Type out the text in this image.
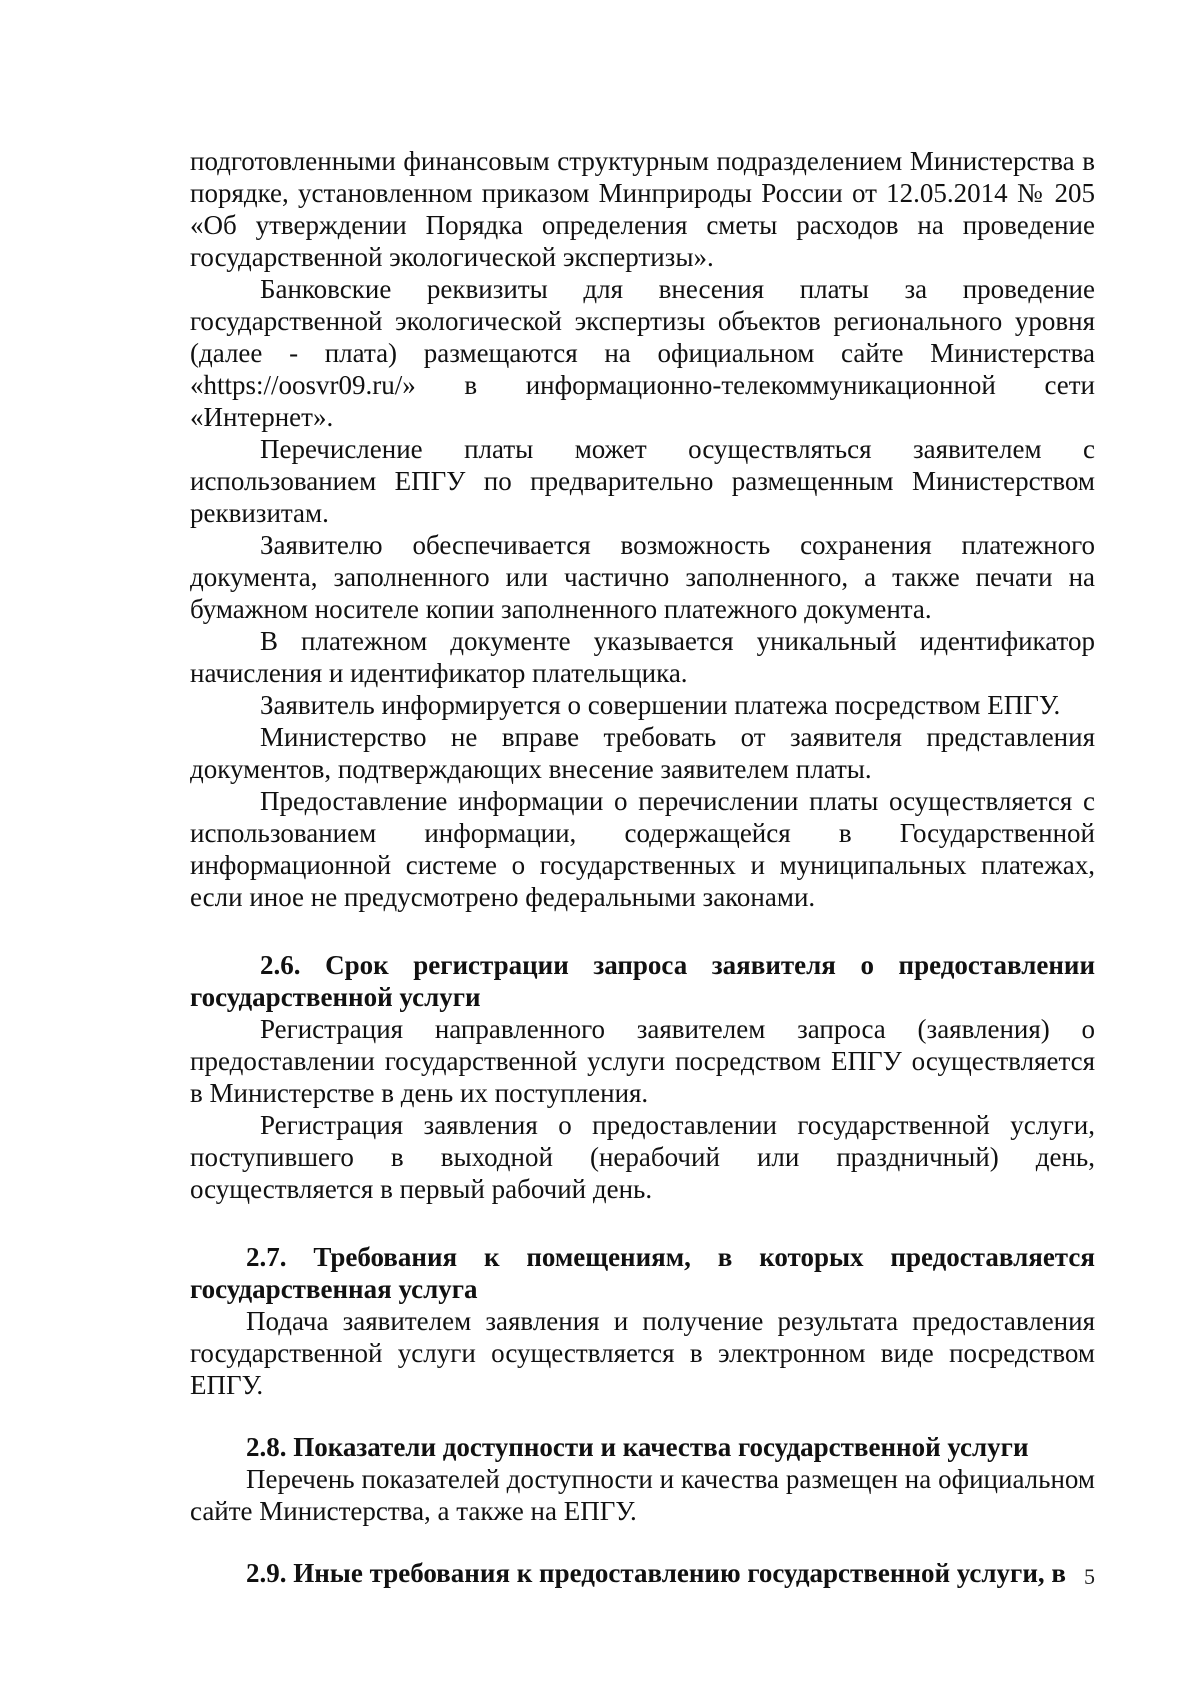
подготовленными финансовым структурным подразделением Министерства в порядке, установленном приказом Минприроды России от 12.05.2014 № 205 «Об утверждении Порядка определения сметы расходов на проведение государственной экологической экспертизы».

Банковские реквизиты для внесения платы за проведение государственной экологической экспертизы объектов регионального уровня (далее - плата) размещаются на официальном сайте Министерства «https://oosvr09.ru/» в информационно-телекоммуникационной сети «Интернет».

Перечисление платы может осуществляться заявителем с использованием ЕПГУ по предварительно размещенным Министерством реквизитам.

Заявителю обеспечивается возможность сохранения платежного документа, заполненного или частично заполненного, а также печати на бумажном носителе копии заполненного платежного документа.

В платежном документе указывается уникальный идентификатор начисления и идентификатор плательщика.

Заявитель информируется о совершении платежа посредством ЕПГУ.

Министерство не вправе требовать от заявителя представления документов, подтверждающих внесение заявителем платы.

Предоставление информации о перечислении платы осуществляется с использованием информации, содержащейся в Государственной информационной системе о государственных и муниципальных платежах, если иное не предусмотрено федеральными законами.

2.6. Срок регистрации запроса заявителя о предоставлении государственной услуги

Регистрация направленного заявителем запроса (заявления) о предоставлении государственной услуги посредством ЕПГУ осуществляется в Министерстве в день их поступления.

Регистрация заявления о предоставлении государственной услуги, поступившего в выходной (нерабочий или праздничный) день, осуществляется в первый рабочий день.

2.7. Требования к помещениям, в которых предоставляется государственная услуга

Подача заявителем заявления и получение результата предоставления государственной услуги осуществляется в электронном виде посредством ЕПГУ.

2.8. Показатели доступности и качества государственной услуги

Перечень показателей доступности и качества размещен на официальном сайте Министерства, а также на ЕПГУ.

2.9. Иные требования к предоставлению государственной услуги, в 5
